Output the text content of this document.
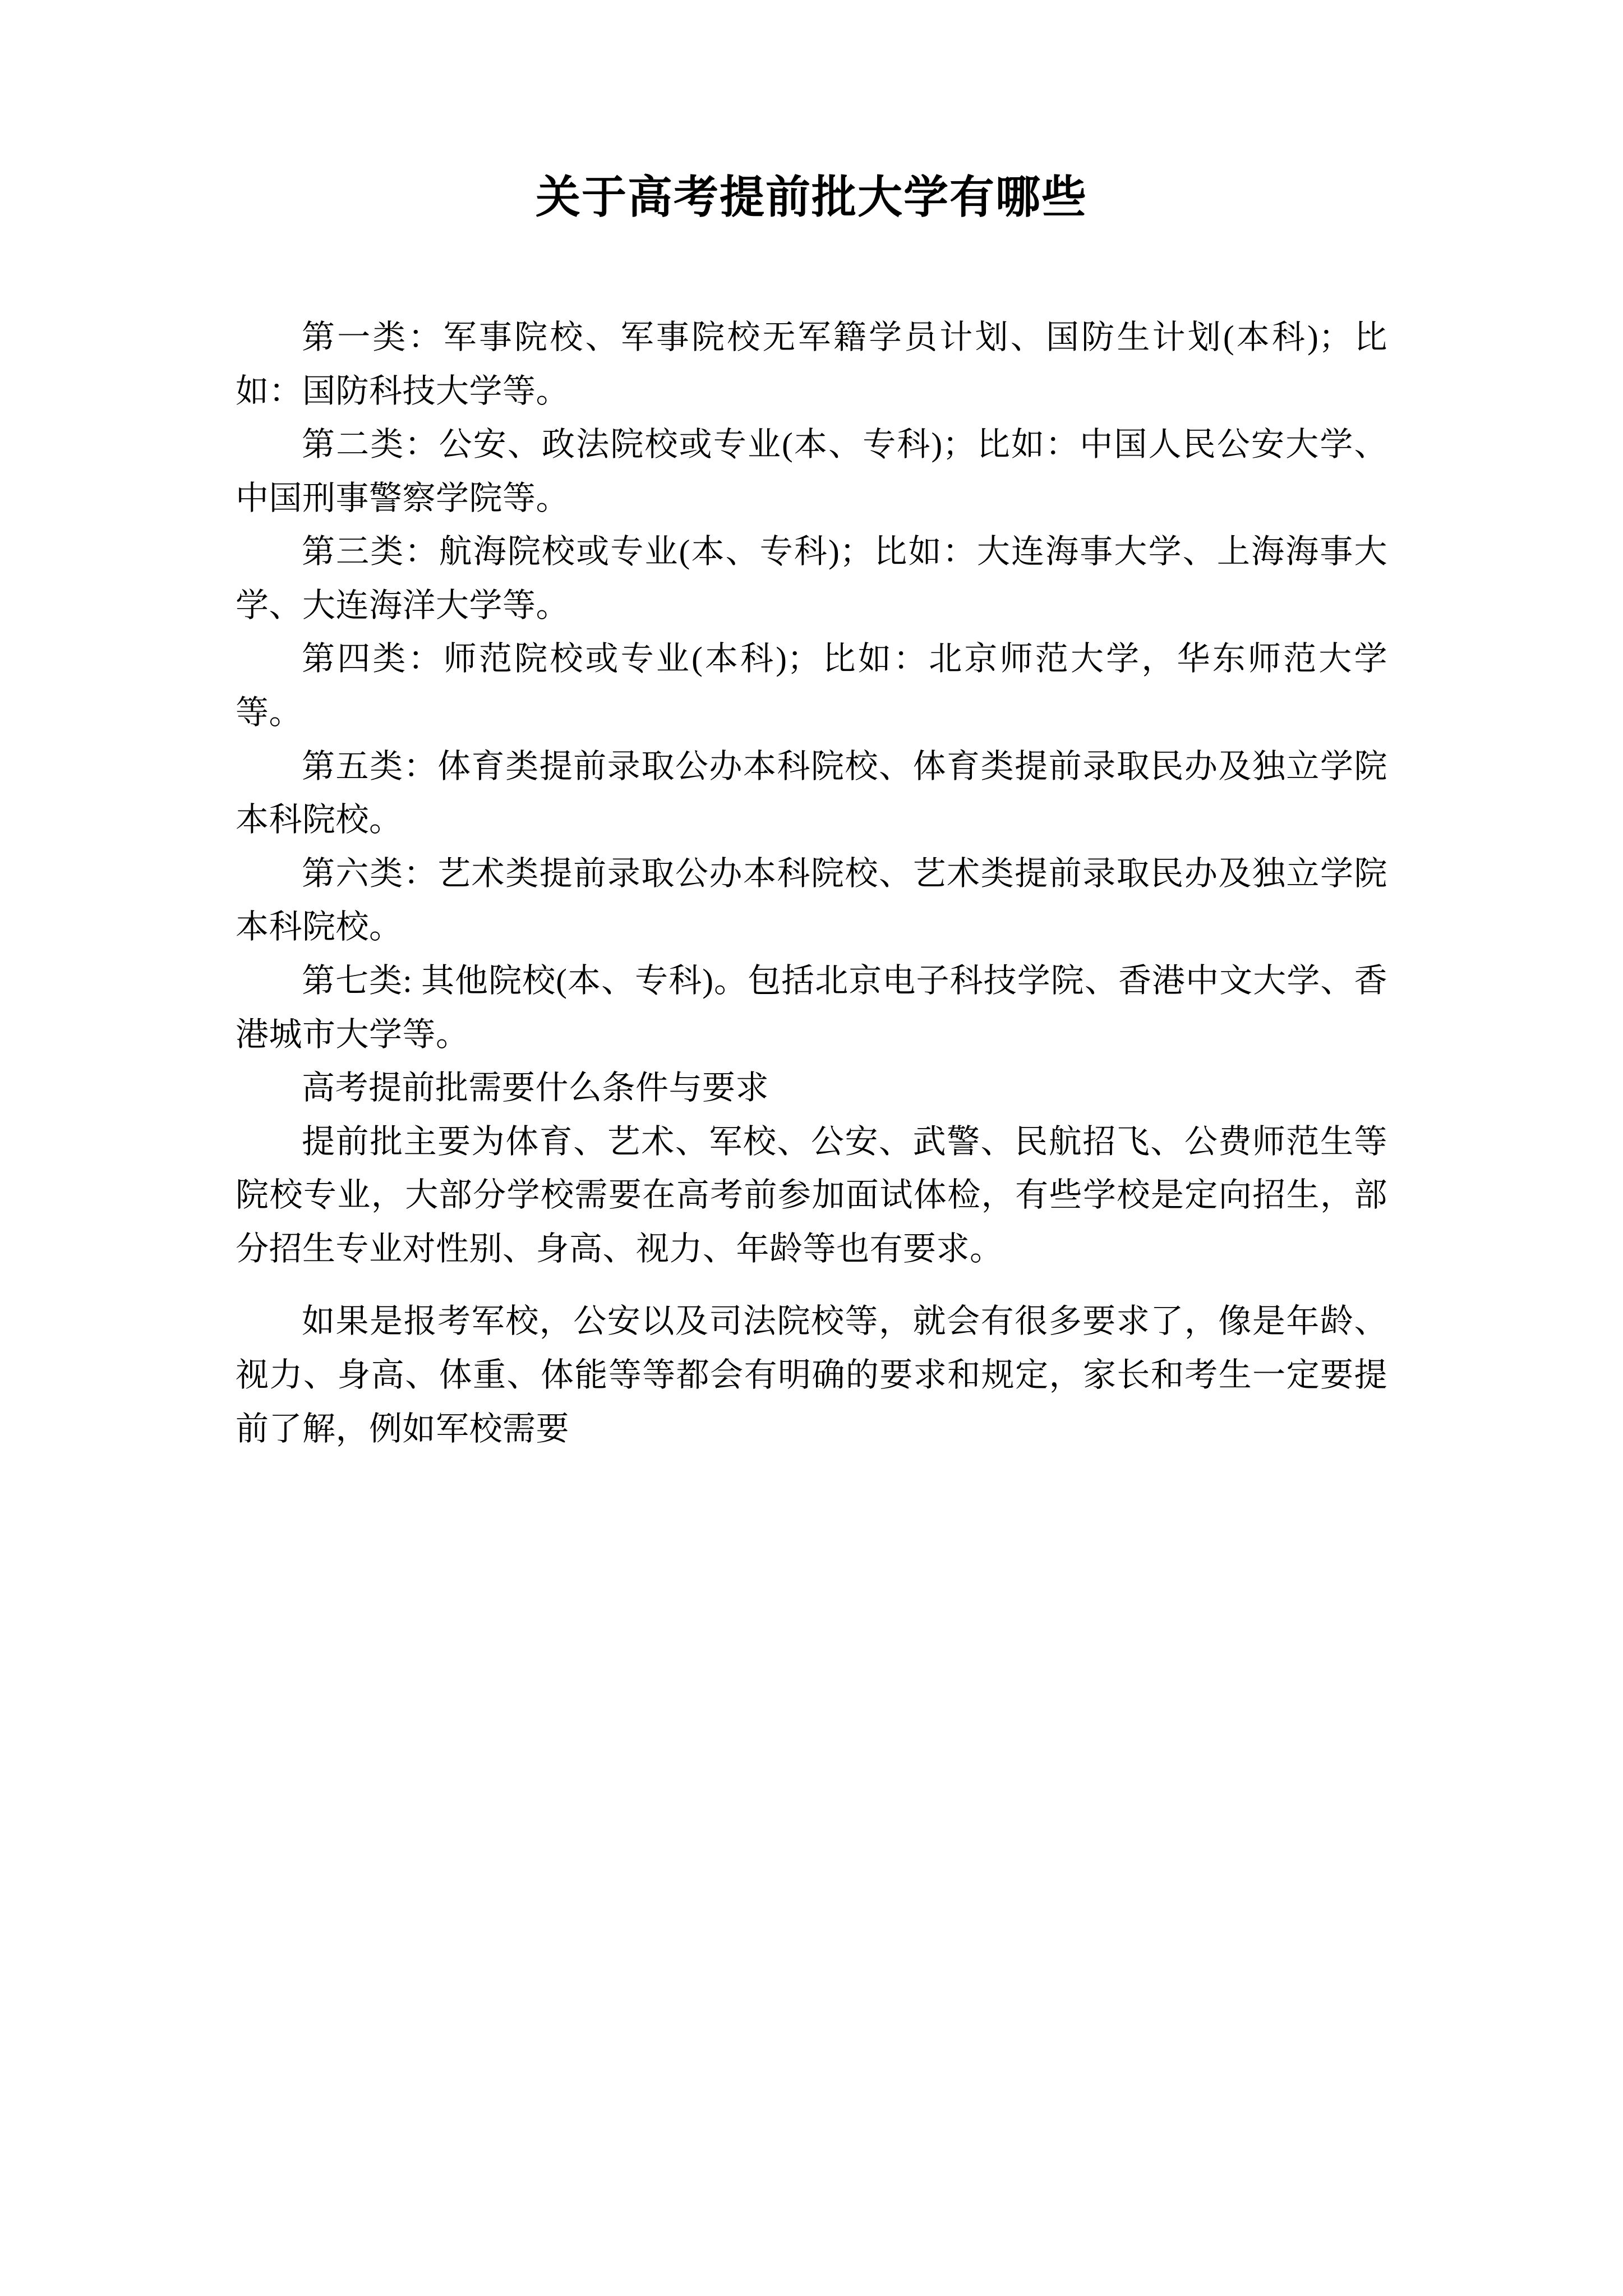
关于高考提前批大学有哪些

第一类：军事院校、军事院校无军籍学员计划、国防生计划(本科)；比如：国防科技大学等。

第二类：公安、政法院校或专业(本、专科)；比如：中国人民公安大学、中国刑事警察学院等。

第三类：航海院校或专业(本、专科)；比如：大连海事大学、上海海事大学、大连海洋大学等。

第四类：师范院校或专业(本科)；比如：北京师范大学，华东师范大学等。

第五类：体育类提前录取公办本科院校、体育类提前录取民办及独立学院本科院校。

第六类：艺术类提前录取公办本科院校、艺术类提前录取民办及独立学院本科院校。

第七类: 其他院校(本、专科)。包括北京电子科技学院、香港中文大学、香港城市大学等。

高考提前批需要什么条件与要求

提前批主要为体育、艺术、军校、公安、武警、民航招飞、公费师范生等院校专业，大部分学校需要在高考前参加面试体检，有些学校是定向招生，部分招生专业对性别、身高、视力、年龄等也有要求。

如果是报考军校，公安以及司法院校等，就会有很多要求了，像是年龄、视力、身高、体重、体能等等都会有明确的要求和规定，家长和考生一定要提前了解，例如军校需要
